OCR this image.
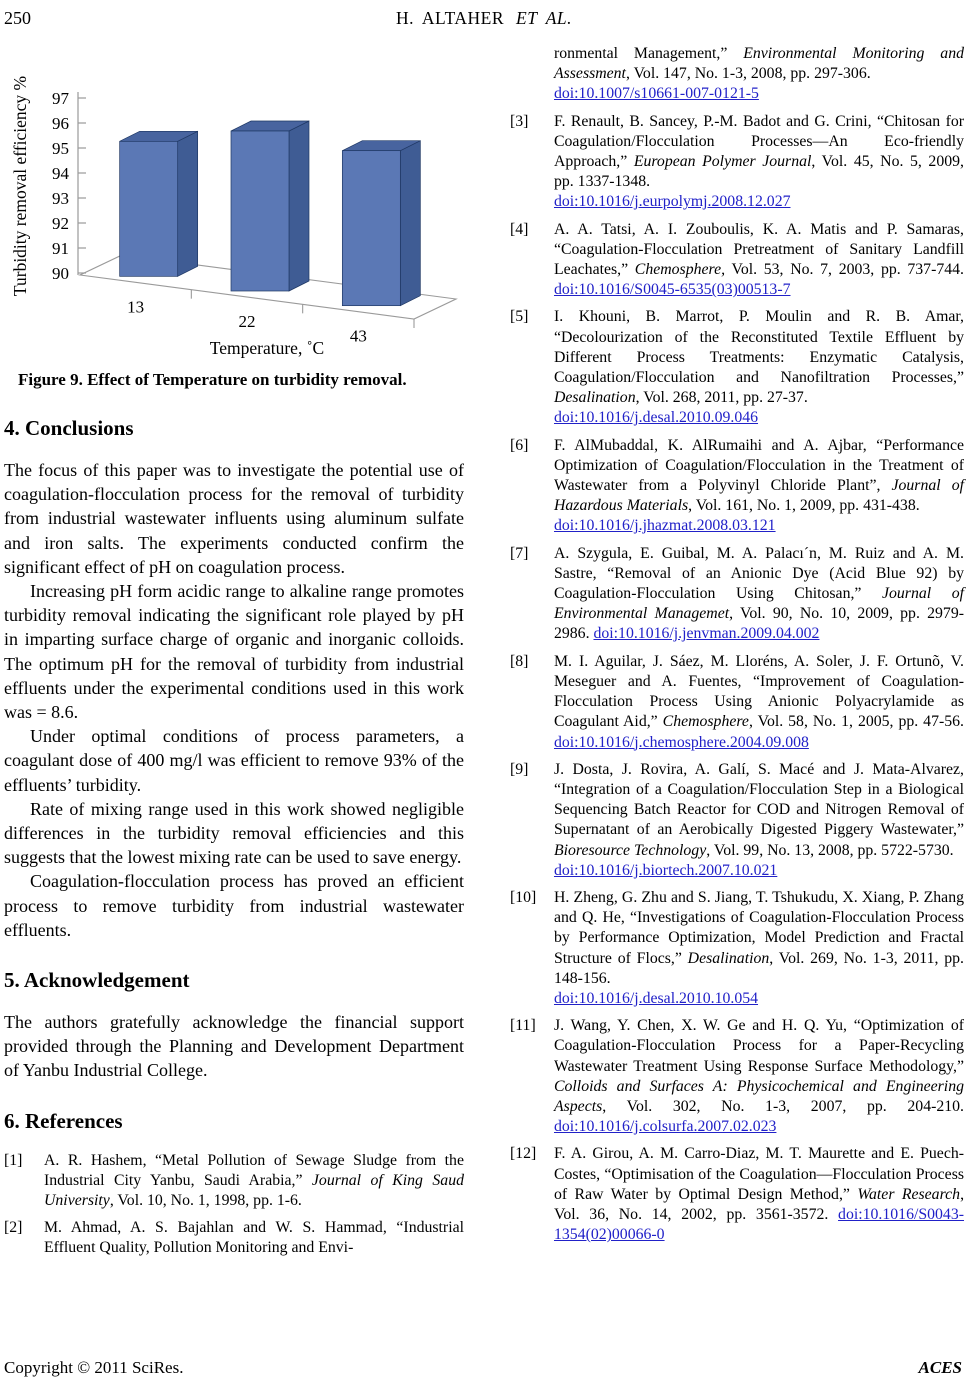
250	H. ALTAHER ET AL.
90
91
92
93
94
95
96
97
13
22
43
Temperature, ˚C
Turbidity removal efficiency %
Figure 9. Effect of Temperature on turbidity removal.
4. Conclusions

The focus of this paper was to investigate the potential use of coagulation-flocculation process for the removal of turbidity from industrial wastewater influents using aluminum sulfate and iron salts. The experiments conducted confirm the significant effect of pH on coagulation process.

Increasing pH form acidic range to alkaline range promotes turbidity removal indicating the significant role played by pH in imparting surface charge of organic and inorganic colloids. The optimum pH for the removal of turbidity from industrial effluents under the experimental conditions used in this work was = 8.6.

Under optimal conditions of process parameters, a coagulant dose of 400 mg/l was efficient to remove 93% of the effluents’ turbidity.

Rate of mixing range used in this work showed negligible differences in the turbidity removal efficiencies and this suggests that the lowest mixing rate can be used to save energy.

Coagulation-flocculation process has proved an efficient process to remove turbidity from industrial wastewater effluents.

5. Acknowledgement

The authors gratefully acknowledge the financial support provided through the Planning and Development Department of Yanbu Industrial College.

6. References
[1]	A. R. Hashem, “Metal Pollution of Sewage Sludge from the Industrial City Yanbu, Saudi Arabia,” Journal of King Saud University, Vol. 10, No. 1, 1998, pp. 1-6.
[2]	M. Ahmad, A. S. Bajahlan and W. S. Hammad, “Industrial Effluent Quality, Pollution Monitoring and Envi-
ronmental Management,” Environmental Monitoring and Assessment, Vol. 147, No. 1-3, 2008, pp. 297-306.
doi:10.1007/s10661-007-0121-5
[3]	F. Renault, B. Sancey, P.-M. Badot and G. Crini, “Chitosan for Coagulation/Flocculation Processes—An Eco-friendly Approach,” European Polymer Journal, Vol. 45, No. 5, 2009, pp. 1337-1348.
doi:10.1016/j.eurpolymj.2008.12.027
[4]	A. A. Tatsi, A. I. Zouboulis, K. A. Matis and P. Samaras, “Coagulation-Flocculation Pretreatment of Sanitary Landfill Leachates,” Chemosphere, Vol. 53, No. 7, 2003, pp. 737-744. doi:10.1016/S0045-6535(03)00513-7
[5]	I. Khouni, B. Marrot, P. Moulin and R. B. Amar, “Decolourization of the Reconstituted Textile Effluent by Different Process Treatments: Enzymatic Catalysis, Coagulation/Flocculation and Nanofiltration Processes,” Desalination, Vol. 268, 2011, pp. 27-37.
doi:10.1016/j.desal.2010.09.046
[6]	F. AlMubaddal, K. AlRumaihi and A. Ajbar, “Performance Optimization of Coagulation/Flocculation in the Treatment of Wastewater from a Polyvinyl Chloride Plant”, Journal of Hazardous Materials, Vol. 161, No. 1, 2009, pp. 431-438.
doi:10.1016/j.jhazmat.2008.03.121
[7]	A. Szygula, E. Guibal, M. A. Palacı´n, M. Ruiz and A. M. Sastre, “Removal of an Anionic Dye (Acid Blue 92) by Coagulation-Flocculation Using Chitosan,” Journal of Environmental Managemet, Vol. 90, No. 10, 2009, pp. 2979-2986. doi:10.1016/j.jenvman.2009.04.002
[8]	M. I. Aguilar, J. Sáez, M. Lloréns, A. Soler, J. F. Ortunõ, V. Meseguer and A. Fuentes, “Improvement of Coagulation-Flocculation Process Using Anionic Polyacrylamide as Coagulant Aid,” Chemosphere, Vol. 58, No. 1, 2005, pp. 47-56. doi:10.1016/j.chemosphere.2004.09.008
[9]	J. Dosta, J. Rovira, A. Galí, S. Macé and J. Mata-Alvarez, “Integration of a Coagulation/Flocculation Step in a Biological Sequencing Batch Reactor for COD and Nitrogen Removal of Supernatant of an Aerobically Digested Piggery Wastewater,” Bioresource Technology, Vol. 99, No. 13, 2008, pp. 5722-5730.
doi:10.1016/j.biortech.2007.10.021
[10]	H. Zheng, G. Zhu and S. Jiang, T. Tshukudu, X. Xiang, P. Zhang and Q. He, “Investigations of Coagulation-Flocculation Process by Performance Optimization, Model Prediction and Fractal Structure of Flocs,” Desalination, Vol. 269, No. 1-3, 2011, pp. 148-156.
doi:10.1016/j.desal.2010.10.054
[11]	J. Wang, Y. Chen, X. W. Ge and H. Q. Yu, “Optimization of Coagulation-Flocculation Process for a Paper-Recycling Wastewater Treatment Using Response Surface Methodology,” Colloids and Surfaces A: Physicochemical and Engineering Aspects, Vol. 302, No. 1-3, 2007, pp. 204-210. doi:10.1016/j.colsurfa.2007.02.023
[12]	F. A. Girou, A. M. Carro-Diaz, M. T. Maurette and E. Puech-Costes, “Optimisation of the Coagulation—Flocculation Process of Raw Water by Optimal Design Method,” Water Research, Vol. 36, No. 14, 2002, pp. 3561-3572. doi:10.1016/S0043-1354(02)00066-0
Copyright © 2011 SciRes.	ACES
